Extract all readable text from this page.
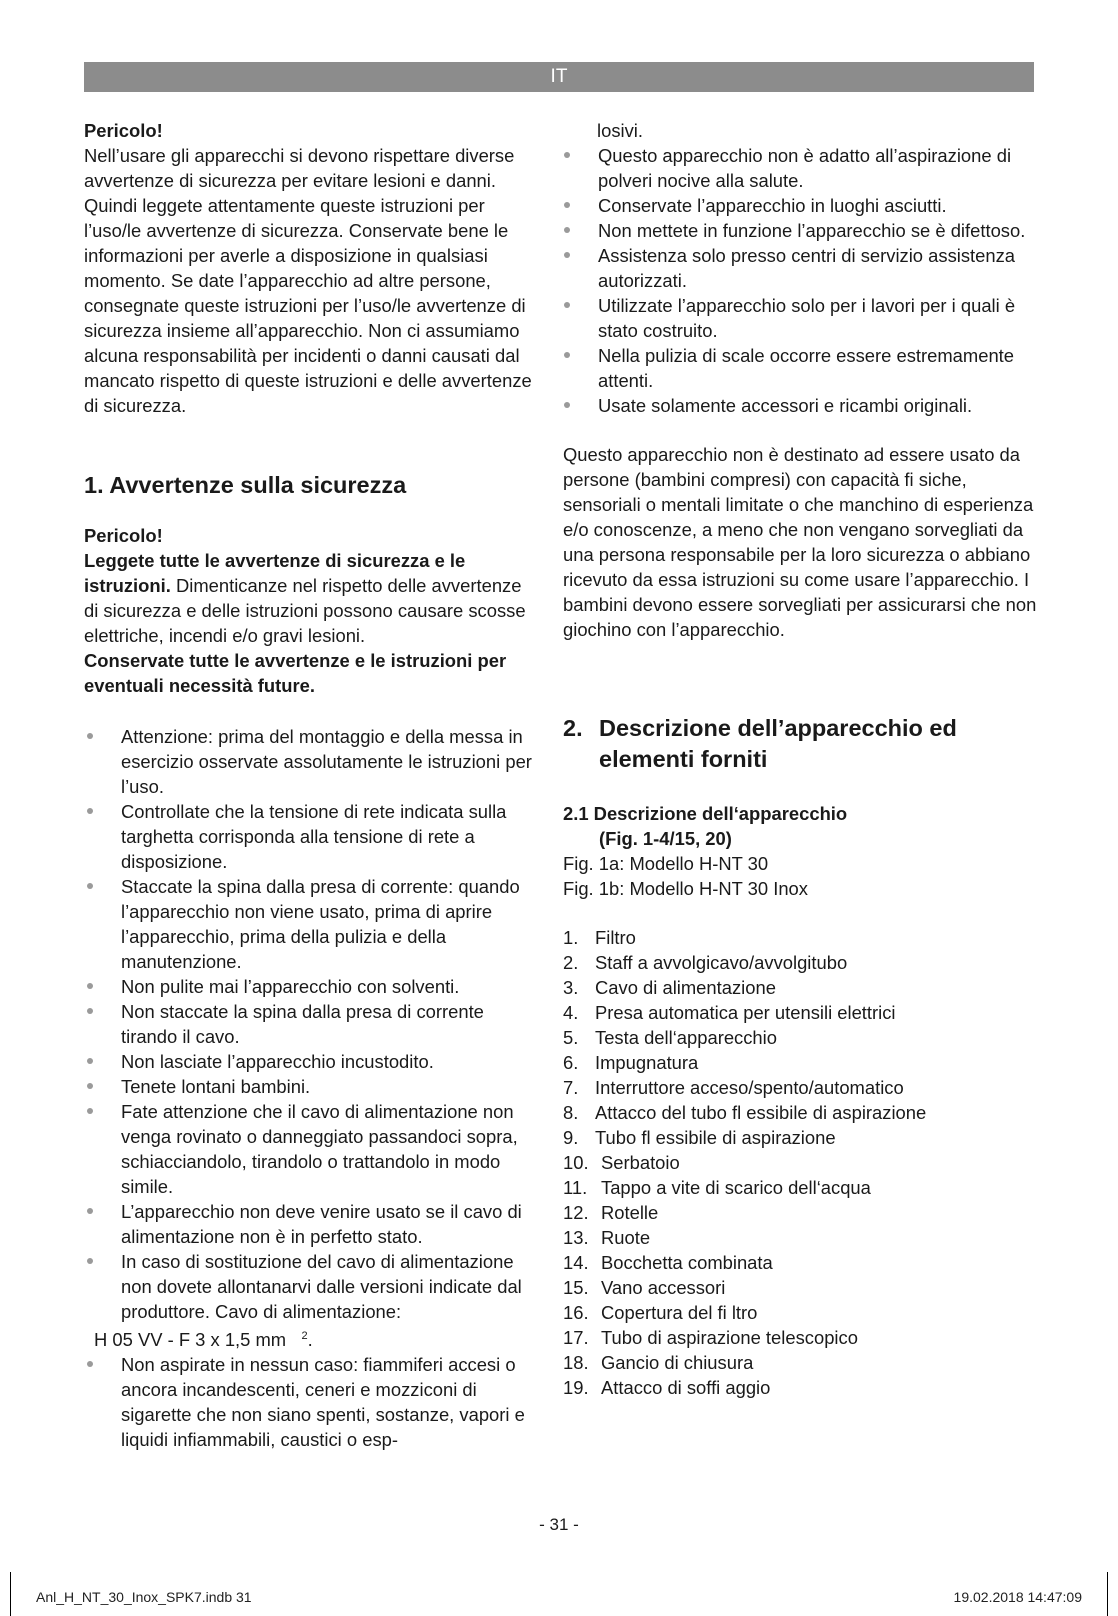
IT

Pericolo!

Nell’usare gli apparecchi si devono rispettare diverse avvertenze di sicurezza per evitare lesioni e danni. Quindi leggete attentamente queste istruzioni per l’uso/le avvertenze di sicurezza. Conservate bene le informazioni per averle a disposizione in qualsiasi momento. Se date l’apparecchio ad altre persone, consegnate queste istruzioni per l’uso/le avvertenze di sicurezza insieme all’apparecchio. Non ci assumiamo alcuna responsabilità per incidenti o danni causati dal mancato rispetto di queste istruzioni e delle avvertenze di sicurezza.

1. Avvertenze sulla sicurezza

Pericolo!

Leggete tutte le avvertenze di sicurezza e le istruzioni. Dimenticanze nel rispetto delle avvertenze di sicurezza e delle istruzioni possono causare scosse elettriche, incendi e/o gravi lesioni.

Conservate tutte le avvertenze e le istruzioni per eventuali necessità future.

Attenzione: prima del montaggio e della messa in esercizio osservate assolutamente le istruzioni per l’uso.
Controllate che la tensione di rete indicata sulla targhetta corrisponda alla tensione di rete a disposizione.
Staccate la spina dalla presa di corrente: quando l’apparecchio non viene usato, prima di aprire l’apparecchio, prima della pulizia e della manutenzione.
Non pulite mai l’apparecchio con solventi.
Non staccate la spina dalla presa di corrente tirando il cavo.
Non lasciate l’apparecchio incustodito.
Tenete lontani bambini.
Fate attenzione che il cavo di alimentazione non venga rovinato o danneggiato passandoci sopra, schiacciandolo, tirandolo o trattandolo in modo simile.
L’apparecchio non deve venire usato se il cavo di alimentazione non è in perfetto stato.
In caso di sostituzione del cavo di alimentazione non dovete allontanarvi dalle versioni indicate dal produttore. Cavo di alimentazione:

H 05 VV - F 3 x 1,5 mm $^2$.

Non aspirate in nessun caso: fiammiferi accesi o ancora incandescenti, ceneri e mozziconi di sigarette che non siano spenti, sostanze, vapori e liquidi infiammabili, caustici o esp-

losivi.

Questo apparecchio non è adatto all’aspirazione di polveri nocive alla salute.
Conservate l’apparecchio in luoghi asciutti.
Non mettete in funzione l’apparecchio se è difettoso.
Assistenza solo presso centri di servizio assistenza autorizzati.
Utilizzate l’apparecchio solo per i lavori per i quali è stato costruito.
Nella pulizia di scale occorre essere estremamente attenti.
Usate solamente accessori e ricambi originali.

Questo apparecchio non è destinato ad essere usato da persone (bambini compresi) con capacità fi siche, sensoriali o mentali limitate o che manchino di esperienza e/o conoscenze, a meno che non vengano sorvegliati da una persona responsabile per la loro sicurezza o abbiano ricevuto da essa istruzioni su come usare l’apparecchio. I bambini devono essere sorvegliati per assicurarsi che non giochino con l’apparecchio.

2. Descrizione dell’apparecchio ed elementi forniti

2.1 Descrizione dell‘apparecchio

(Fig. 1-4/15, 20)

Fig. 1a: Modello H-NT 30

Fig. 1b: Modello H-NT 30 Inox

1. Filtro
2. Staff a avvolgicavo/avvolgitubo
3. Cavo di alimentazione
4. Presa automatica per utensili elettrici
5. Testa dell‘apparecchio
6. Impugnatura
7. Interruttore acceso/spento/automatico
8. Attacco del tubo fl essibile di aspirazione
9. Tubo fl essibile di aspirazione
10. Serbatoio
11. Tappo a vite di scarico dell‘acqua
12. Rotelle
13. Ruote
14. Bocchetta combinata
15. Vano accessori
16. Copertura del fi ltro
17. Tubo di aspirazione telescopico
18. Gancio di chiusura
19. Attacco di soffi aggio
- 31 -
Anl_H_NT_30_Inox_SPK7.indb 31	19.02.2018 14:47:09
